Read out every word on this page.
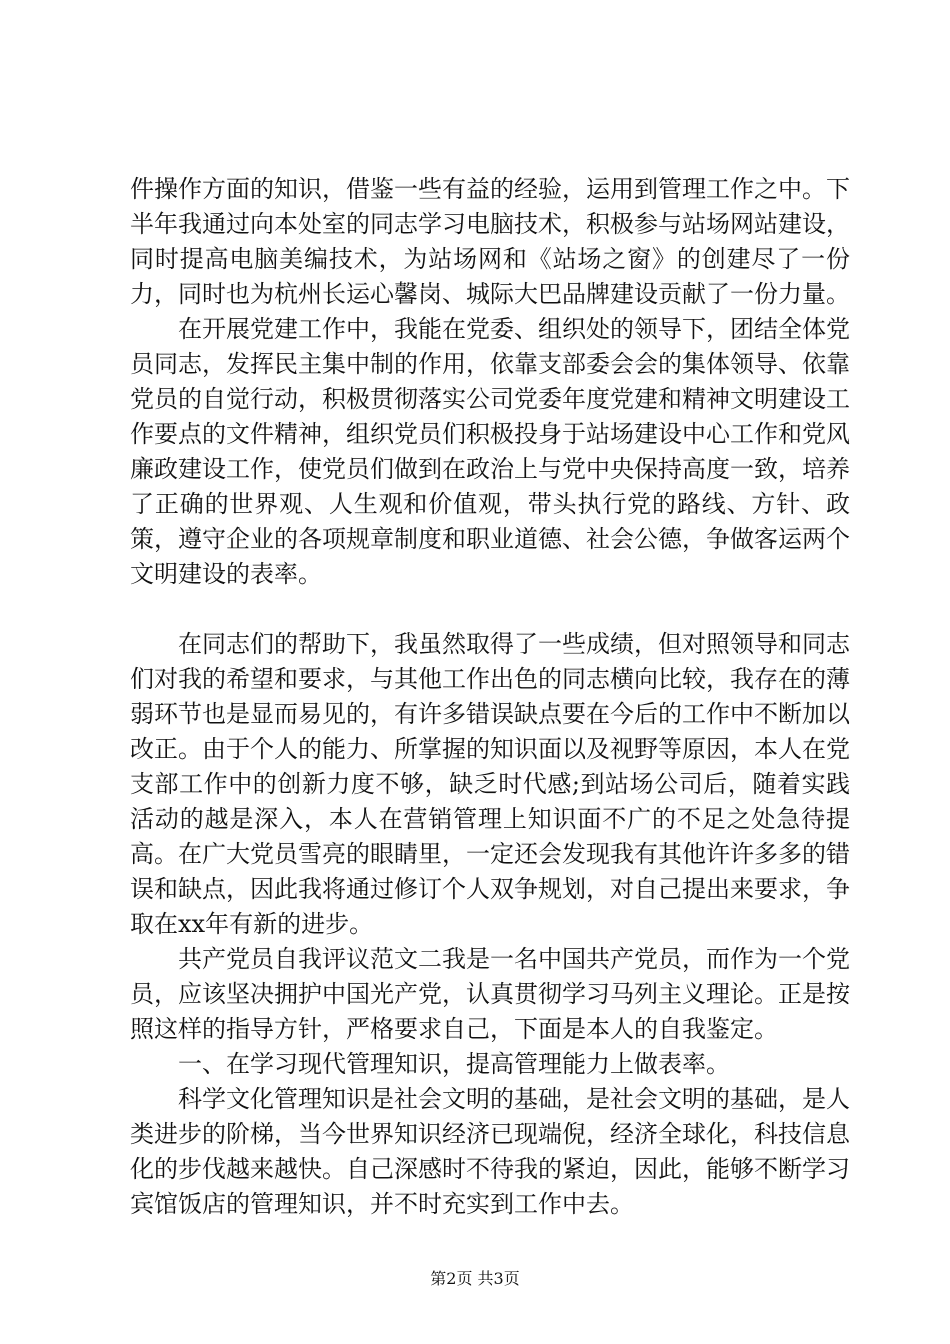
件操作方面的知识，借鉴一些有益的经验，运用到管理工作之中。下半年我通过向本处室的同志学习电脑技术，积极参与站场网站建设，同时提高电脑美编技术，为站场网和《站场之窗》的创建尽了一份力，同时也为杭州长运心馨岗、城际大巴品牌建设贡献了一份力量。

在开展党建工作中，我能在党委、组织处的领导下，团结全体党员同志，发挥民主集中制的作用，依靠支部委会会的集体领导、依靠党员的自觉行动，积极贯彻落实公司党委年度党建和精神文明建设工作要点的文件精神，组织党员们积极投身于站场建设中心工作和党风廉政建设工作，使党员们做到在政治上与党中央保持高度一致，培养了正确的世界观、人生观和价值观，带头执行党的路线、方针、政策，遵守企业的各项规章制度和职业道德、社会公德，争做客运两个文明建设的表率。

在同志们的帮助下，我虽然取得了一些成绩，但对照领导和同志们对我的希望和要求，与其他工作出色的同志横向比较，我存在的薄弱环节也是显而易见的，有许多错误缺点要在今后的工作中不断加以改正。由于个人的能力、所掌握的知识面以及视野等原因，本人在党支部工作中的创新力度不够，缺乏时代感;到站场公司后，随着实践活动的越是深入，本人在营销管理上知识面不广的不足之处急待提高。在广大党员雪亮的眼睛里，一定还会发现我有其他许许多多的错误和缺点，因此我将通过修订个人双争规划，对自己提出来要求，争取在xx年有新的进步。

共产党员自我评议范文二我是一名中国共产党员，而作为一个党员，应该坚决拥护中国光产党，认真贯彻学习马列主义理论。正是按照这样的指导方针，严格要求自己，下面是本人的自我鉴定。

一、在学习现代管理知识，提高管理能力上做表率。

科学文化管理知识是社会文明的基础，是社会文明的基础，是人类进步的阶梯，当今世界知识经济已现端倪，经济全球化，科技信息化的步伐越来越快。自己深感时不待我的紧迫，因此，能够不断学习宾馆饭店的管理知识，并不时充实到工作中去。

第2页 共3页
